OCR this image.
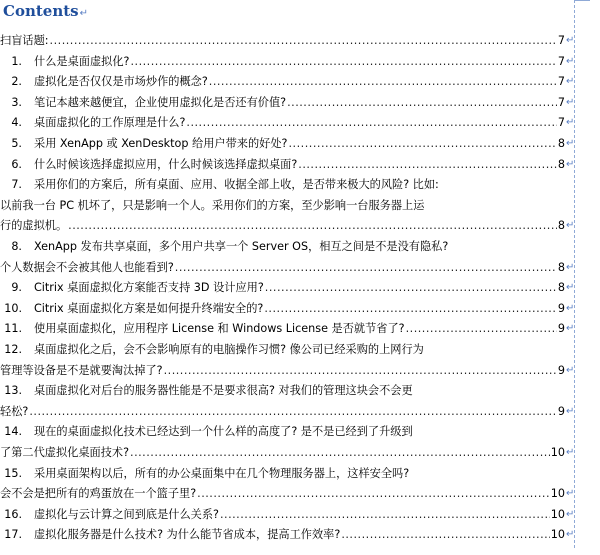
Contents ↵
扫盲话题: .....	7 ↵
1. 什么是桌面虚拟化? .....	7 ↵
2. 虚拟化是否仅仅是市场炒作的概念? .....	7 ↵
3. 笔记本越来越便宜，企业使用虚拟化是否还有价值? .....	7 ↵
4. 桌面虚拟化的工作原理是什么? .....	7 ↵
5. 采用 XenApp 或 XenDesktop 给用户带来的好处? .....	8 ↵
6. 什么时候该选择虚拟应用，什么时候该选择虚拟桌面? .....	8 ↵
7. 采用你们的方案后，所有桌面、应用、收据全部上收，是否带来极大的风险? 比如:
以前我一台 PC 机坏了，只是影响一个人。采用你们的方案，至少影响一台服务器上运
行的虚拟机。 .....	8 ↵
8. XenApp 发布共享桌面，多个用户共享一个 Server OS，相互之间是不是没有隐私?
个人数据会不会被其他人也能看到? .....	8 ↵
9. Citrix 桌面虚拟化方案能否支持 3D 设计应用? .....	8 ↵
10. Citrix 桌面虚拟化方案是如何提升终端安全的? .....	9 ↵
11. 使用桌面虚拟化，应用程序 License 和 Windows License 是否就节省了? .....	9 ↵
12. 桌面虚拟化之后，会不会影响原有的电脑操作习惯? 像公司已经采购的上网行为
管理等设备是不是就要淘汰掉了? .....	9 ↵
13. 桌面虚拟化对后台的服务器性能是不是要求很高? 对我们的管理这块会不会更
轻松? .....	9 ↵
14. 现在的桌面虚拟化技术已经达到一个什么样的高度了? 是不是已经到了升级到
了第二代虚拟化桌面技术? .....	10 ↵
15. 采用桌面架构以后，所有的办公桌面集中在几个物理服务器上，这样安全吗?
会不会是把所有的鸡蛋放在一个篮子里? .....	10 ↵
16. 虚拟化与云计算之间到底是什么关系? .....	10 ↵
17. 虚拟化服务器是什么技术? 为什么能节省成本，提高工作效率? .....	10 ↵
